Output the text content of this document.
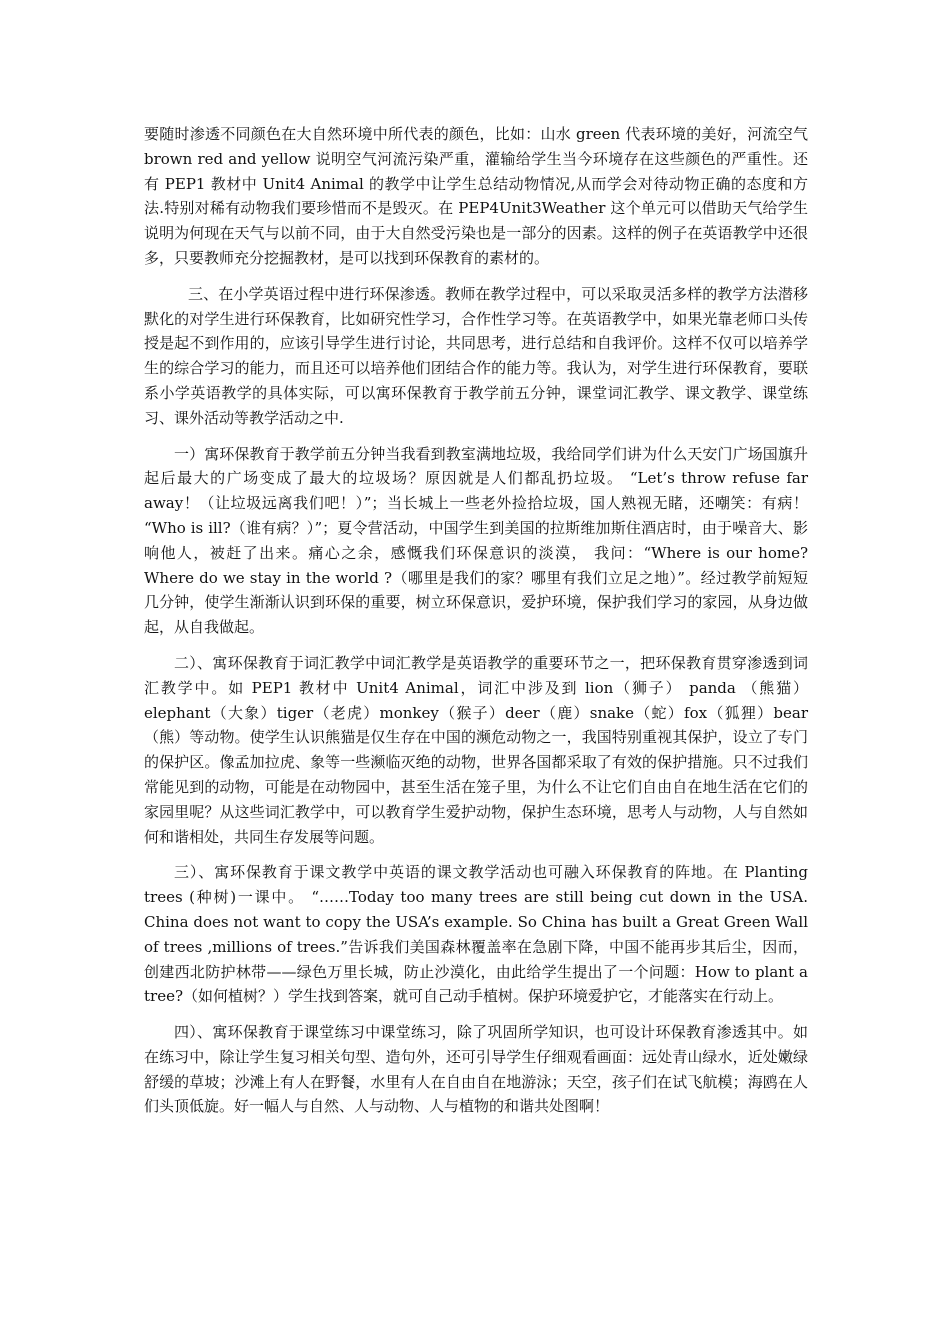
要随时渗透不同颜色在大自然环境中所代表的颜色，比如：山水 green 代表环境的美好，河流空气 brown red and yellow 说明空气河流污染严重，灌输给学生当今环境存在这些颜色的严重性。还有 PEP1 教材中 Unit4 Animal 的教学中让学生总结动物情况,从而学会对待动物正确的态度和方法.特别对稀有动物我们要珍惜而不是毁灭。在 PEP4Unit3Weather 这个单元可以借助天气给学生说明为何现在天气与以前不同，由于大自然受污染也是一部分的因素。这样的例子在英语教学中还很多，只要教师充分挖掘教材，是可以找到环保教育的素材的。

三、在小学英语过程中进行环保渗透。教师在教学过程中，可以采取灵活多样的教学方法潜移默化的对学生进行环保教育，比如研究性学习，合作性学习等。在英语教学中，如果光靠老师口头传授是起不到作用的，应该引导学生进行讨论，共同思考，进行总结和自我评价。这样不仅可以培养学生的综合学习的能力，而且还可以培养他们团结合作的能力等。我认为，对学生进行环保教育，要联系小学英语教学的具体实际，可以寓环保教育于教学前五分钟，课堂词汇教学、课文教学、课堂练习、课外活动等教学活动之中.

一）寓环保教育于教学前五分钟当我看到教室满地垃圾，我给同学们讲为什么天安门广场国旗升起后最大的广场变成了最大的垃圾场？原因就是人们都乱扔垃圾。 “Let’s throw refuse far away！（让垃圾远离我们吧！）”；当长城上一些老外捡拾垃圾，国人熟视无睹，还嘲笑：有病！ “Who is ill?（谁有病？）”；夏令营活动，中国学生到美国的拉斯维加斯住酒店时，由于噪音大、影响他人，被赶了出来。痛心之余，感慨我们环保意识的淡漠， 我问：“Where is our home? Where do we stay in the world ?（哪里是我们的家？哪里有我们立足之地）”。经过教学前短短几分钟，使学生渐渐认识到环保的重要，树立环保意识，爱护环境，保护我们学习的家园，从身边做起，从自我做起。

二）、寓环保教育于词汇教学中词汇教学是英语教学的重要环节之一，把环保教育贯穿渗透到词汇教学中。如 PEP1 教材中 Unit4 Animal，词汇中涉及到 lion（狮子） panda （熊猫）elephant（大象）tiger（老虎）monkey（猴子）deer（鹿）snake（蛇）fox（狐狸）bear（熊）等动物。使学生认识熊猫是仅生存在中国的濒危动物之一，我国特别重视其保护，设立了专门的保护区。像孟加拉虎、象等一些濒临灭绝的动物，世界各国都采取了有效的保护措施。只不过我们常能见到的动物，可能是在动物园中，甚至生活在笼子里，为什么不让它们自由自在地生活在它们的家园里呢？从这些词汇教学中，可以教育学生爱护动物，保护生态环境，思考人与动物，人与自然如何和谐相处，共同生存发展等问题。

三）、寓环保教育于课文教学中英语的课文教学活动也可融入环保教育的阵地。在 Planting trees (种树)一课中。 “……Today too many trees are still being cut down in the USA. China does not want to copy the USA’s example. So China has built a Great Green Wall of trees ,millions of trees.”告诉我们美国森林覆盖率在急剧下降，中国不能再步其后尘，因而，创建西北防护林带——绿色万里长城，防止沙漠化，由此给学生提出了一个问题：How to plant a tree?（如何植树？）学生找到答案，就可自己动手植树。保护环境爱护它，才能落实在行动上。

四）、寓环保教育于课堂练习中课堂练习，除了巩固所学知识，也可设计环保教育渗透其中。如在练习中，除让学生复习相关句型、造句外，还可引导学生仔细观看画面：远处青山绿水，近处嫩绿舒缓的草坡；沙滩上有人在野餐，水里有人在自由自在地游泳；天空，孩子们在试飞航模；海鸥在人们头顶低旋。好一幅人与自然、人与动物、人与植物的和谐共处图啊！
